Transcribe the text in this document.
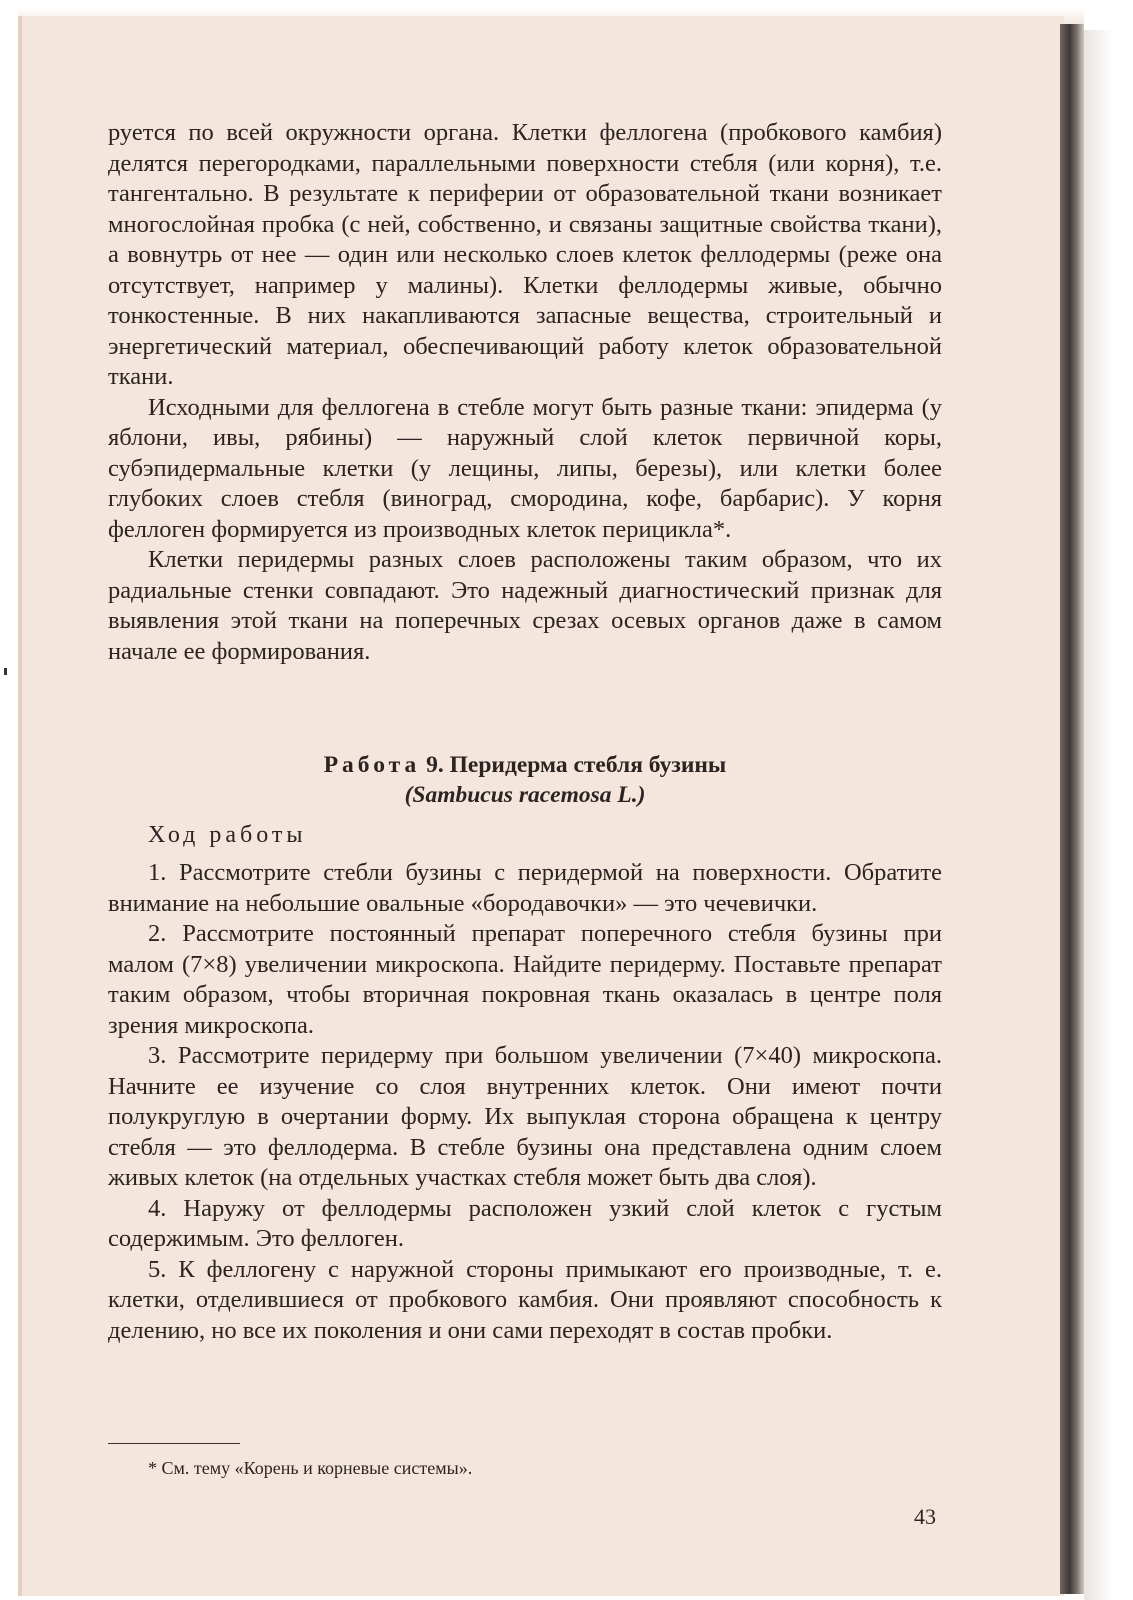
руется по всей окружности органа. Клетки феллогена (пробкового камбия) делятся перегородками, параллельными поверхности стебля (или корня), т.е. тангентально. В результате к периферии от образовательной ткани возникает многослойная пробка (с ней, собственно, и связаны защитные свойства ткани), а вовнутрь от нее — один или несколько слоев клеток феллодермы (реже она отсутствует, например у малины). Клетки феллодермы живые, обычно тонкостенные. В них накапливаются запасные вещества, строительный и энергетический материал, обеспечивающий работу клеток образовательной ткани.

Исходными для феллогена в стебле могут быть разные ткани: эпидерма (у яблони, ивы, рябины) — наружный слой клеток первичной коры, субэпидермальные клетки (у лещины, липы, березы), или клетки более глубоких слоев стебля (виноград, смородина, кофе, барбарис). У корня феллоген формируется из производных клеток перицикла*.

Клетки перидермы разных слоев расположены таким образом, что их радиальные стенки совпадают. Это надежный диагностический признак для выявления этой ткани на поперечных срезах осевых органов даже в самом начале ее формирования.

Работа 9. Перидерма стебля бузины
(Sambucus racemosa L.)
Ход работы

1. Рассмотрите стебли бузины с перидермой на поверхности. Обратите внимание на небольшие овальные «бородавочки» — это чечевички.

2. Рассмотрите постоянный препарат поперечного стебля бузины при малом (7×8) увеличении микроскопа. Найдите перидерму. Поставьте препарат таким образом, чтобы вторичная покровная ткань оказалась в центре поля зрения микроскопа.

3. Рассмотрите перидерму при большом увеличении (7×40) микроскопа. Начните ее изучение со слоя внутренних клеток. Они имеют почти полукруглую в очертании форму. Их выпуклая сторона обращена к центру стебля — это феллодерма. В стебле бузины она представлена одним слоем живых клеток (на отдельных участках стебля может быть два слоя).

4. Наружу от феллодермы расположен узкий слой клеток с густым содержимым. Это феллоген.

5. К феллогену с наружной стороны примыкают его производные, т. е. клетки, отделившиеся от пробкового камбия. Они проявляют способность к делению, но все их поколения и они сами переходят в состав пробки.

* См. тему «Корень и корневые системы».
43
